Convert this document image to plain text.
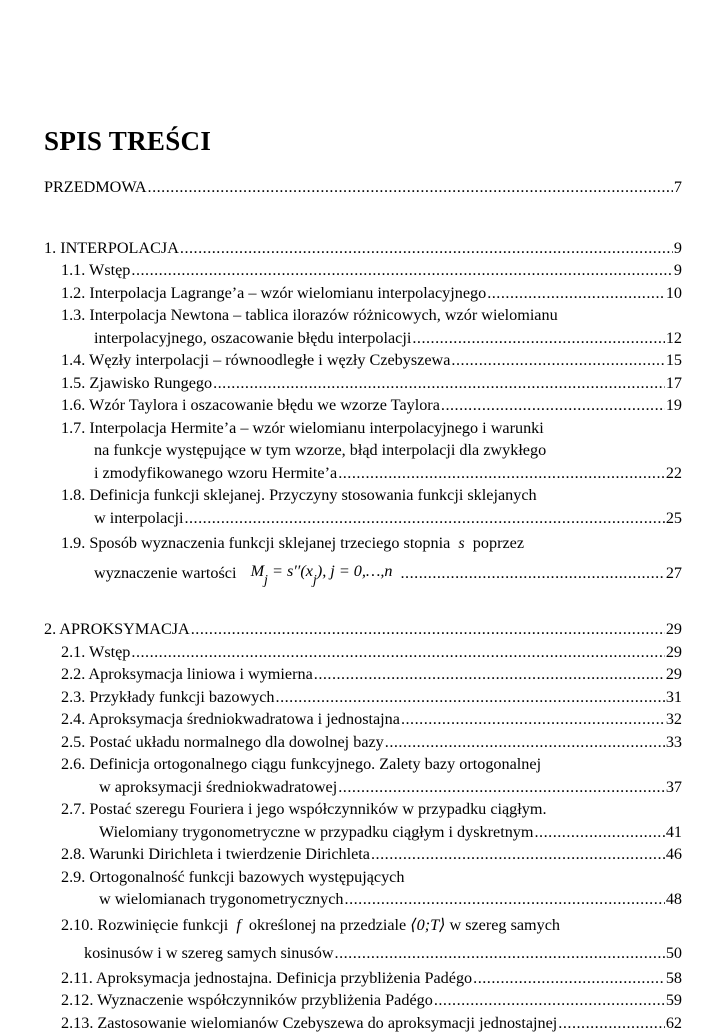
SPIS TREŚCI
PRZEDMOWA .....	7
1. INTERPOLACJA .....	9
1.1. Wstęp .....	9
1.2. Interpolacja Lagrange’a – wzór wielomianu interpolacyjnego .....	10
1.3. Interpolacja Newtona – tablica ilorazów różnicowych, wzór wielomianu
interpolacyjnego, oszacowanie błędu interpolacji .....	12
1.4. Węzły interpolacji – równoodległe i węzły Czebyszewa .....	15
1.5. Zjawisko Rungego .....	17
1.6. Wzór Taylora i oszacowanie błędu we wzorze Taylora .....	19
1.7. Interpolacja Hermite’a – wzór wielomianu interpolacyjnego i warunki
na funkcje występujące w tym wzorze, błąd interpolacji dla zwykłego
i zmodyfikowanego wzoru Hermite’a .....	22
1.8. Definicja funkcji sklejanej. Przyczyny stosowania funkcji sklejanych
w interpolacji .....	25
1.9. Sposób wyznaczenia funkcji sklejanej trzeciego stopnia s poprzez
wyznaczenie wartości Mj = s′′(xj), j = 0,…,n .....	27
2. APROKSYMACJA .....	29
2.1. Wstęp .....	29
2.2. Aproksymacja liniowa i wymierna .....	29
2.3. Przykłady funkcji bazowych .....	31
2.4. Aproksymacja średniokwadratowa i jednostajna .....	32
2.5. Postać układu normalnego dla dowolnej bazy .....	33
2.6. Definicja ortogonalnego ciągu funkcyjnego. Zalety bazy ortogonalnej
w aproksymacji średniokwadratowej .....	37
2.7. Postać szeregu Fouriera i jego współczynników w przypadku ciągłym.
Wielomiany trygonometryczne w przypadku ciągłym i dyskretnym .....	41
2.8. Warunki Dirichleta i twierdzenie Dirichleta .....	46
2.9. Ortogonalność funkcji bazowych występujących
w wielomianach trygonometrycznych .....	48
2.10. Rozwinięcie funkcji f określonej na przedziale ⟨0;T⟩ w szereg samych
kosinusów i w szereg samych sinusów .....	50
2.11. Aproksymacja jednostajna. Definicja przybliżenia Padégo .....	58
2.12. Wyznaczenie współczynników przybliżenia Padégo .....	59
2.13. Zastosowanie wielomianów Czebyszewa do aproksymacji jednostajnej .....	62
